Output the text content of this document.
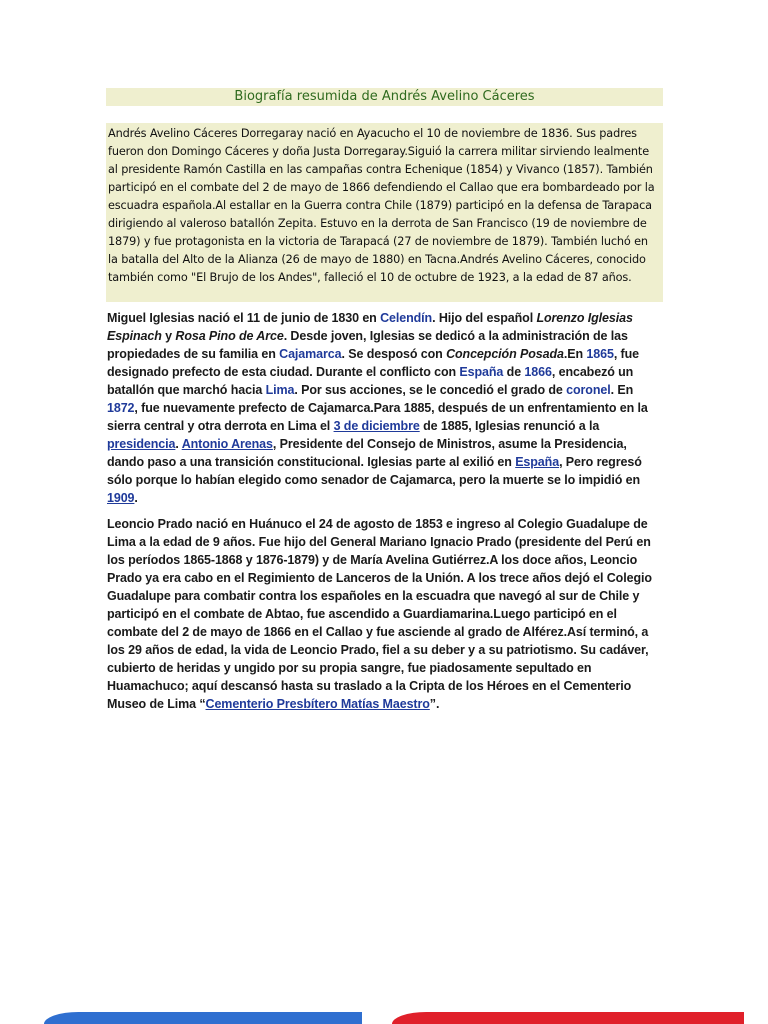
Biografía resumida de Andrés Avelino Cáceres
Andrés Avelino Cáceres Dorregaray nació en Ayacucho el 10 de noviembre de 1836. Sus padres fueron don Domingo Cáceres y doña Justa Dorregaray.Siguió la carrera militar sirviendo lealmente al presidente Ramón Castilla en las campañas contra Echenique (1854) y Vivanco (1857). También participó en el combate del 2 de mayo de 1866 defendiendo el Callao que era bombardeado por la escuadra española.Al estallar en la Guerra contra Chile (1879) participó en la defensa de Tarapaca dirigiendo al valeroso batallón Zepita. Estuvo en la derrota de San Francisco (19 de noviembre de 1879) y fue protagonista en la victoria de Tarapacá (27 de noviembre de 1879). También luchó en la batalla del Alto de la Alianza (26 de mayo de 1880) en Tacna.Andrés Avelino Cáceres, conocido también como "El Brujo de los Andes", falleció el 10 de octubre de 1923, a la edad de 87 años.
Miguel Iglesias nació el 11 de junio de 1830 en Celendín. Hijo del español Lorenzo Iglesias Espinach y Rosa Pino de Arce. Desde joven, Iglesias se dedicó a la administración de las propiedades de su familia en Cajamarca. Se desposó con Concepción Posada.En 1865, fue designado prefecto de esta ciudad. Durante el conflicto con España de 1866, encabezó un batallón que marchó hacia Lima. Por sus acciones, se le concedió el grado de coronel. En 1872, fue nuevamente prefecto de Cajamarca.Para 1885, después de un enfrentamiento en la sierra central y otra derrota en Lima el 3 de diciembre de 1885, Iglesias renunció a la presidencia. Antonio Arenas, Presidente del Consejo de Ministros, asume la Presidencia, dando paso a una transición constitucional. Iglesias parte al exilió en España, Pero regresó sólo porque lo habían elegido como senador de Cajamarca, pero la muerte se lo impidió en 1909.
Leoncio Prado nació en Huánuco el 24 de agosto de 1853 e ingreso al Colegio Guadalupe de Lima a la edad de 9 años. Fue hijo del General Mariano Ignacio Prado (presidente del Perú en los períodos 1865-1868 y 1876-1879) y de María Avelina Gutiérrez.A los doce años, Leoncio Prado ya era cabo en el Regimiento de Lanceros de la Unión. A los trece años dejó el Colegio Guadalupe para combatir contra los españoles en la escuadra que navegó al sur de Chile y participó en el combate de Abtao, fue ascendido a Guardiamarina.Luego participó en el combate del 2 de mayo de 1866 en el Callao y fue asciende al grado de Alférez.Así terminó, a los 29 años de edad, la vida de Leoncio Prado, fiel a su deber y a su patriotismo. Su cadáver, cubierto de heridas y ungido por su propia sangre, fue piadosamente sepultado en Huamachuco; aquí descansó hasta su traslado a la Cripta de los Héroes en el Cementerio Museo de Lima “Cementerio Presbítero Matías Maestro”.
